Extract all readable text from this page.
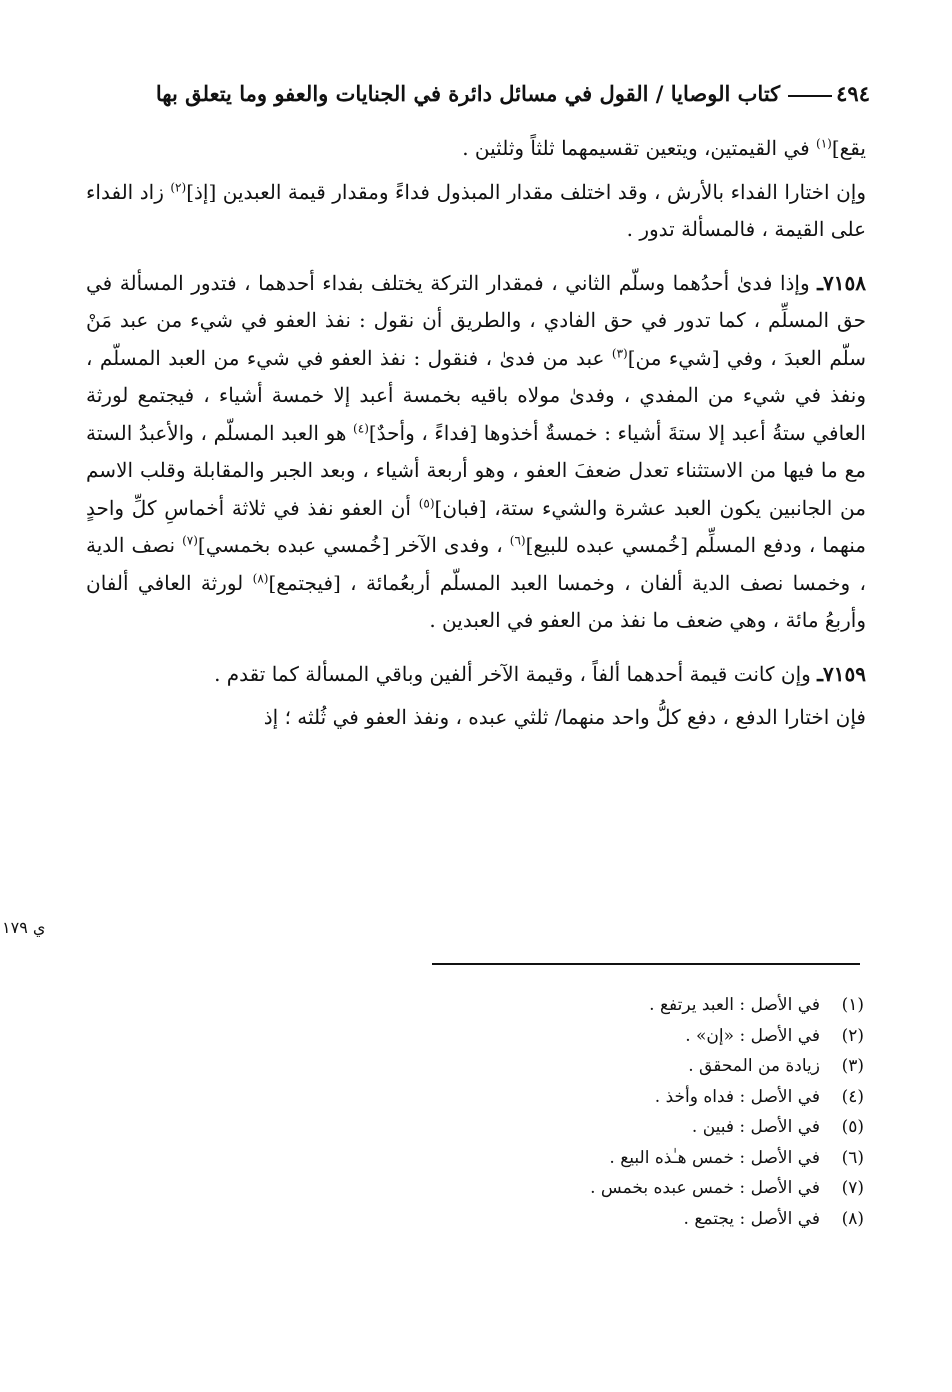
٤٩٤كتاب الوصايا / القول في مسائل دائرة في الجنايات والعفو وما يتعلق بها

يقع]$^{(١)}$ في القيمتين، ويتعين تقسيمهما ثلثاً وثلثين .

وإن اختارا الفداء بالأرش ، وقد اختلف مقدار المبذول فداءً ومقدار قيمة العبدين [إذ]$^{(٢)}$ زاد الفداء على القيمة ، فالمسألة تدور .

٧١٥٨ـ وإذا فدىٰ أحدُهما وسلّم الثاني ، فمقدار التركة يختلف بفداء أحدهما ، فتدور المسألة في حق المسلِّم ، كما تدور في حق الفادي ، والطريق أن نقول : نفذ العفو في شيء من عبد مَنْ سلّم العبدَ ، وفي [شيء من]$^{(٣)}$ عبد من فدىٰ ، فنقول : نفذ العفو في شيء من العبد المسلّم ، ونفذ في شيء من المفدي ، وفدىٰ مولاه باقيه بخمسة أعبد إلا خمسة أشياء ، فيجتمع لورثة العافي ستةُ أعبد إلا ستةَ أشياء : خمسةٌ أخذوها [فداءً ، وأحدٌ]$^{(٤)}$ هو العبد المسلّم ، والأعبدُ الستة مع ما فيها من الاستثناء تعدل ضعفَ العفو ، وهو أربعة أشياء ، وبعد الجبر والمقابلة وقلب الاسم من الجانبين يكون العبد عشرة والشيء ستة، [فبان]$^{(٥)}$ أن العفو نفذ في ثلاثة أخماسِ كلِّ واحدٍ منهما ، ودفع المسلِّم [خُمسي عبده للبيع]$^{(٦)}$ ، وفدى الآخر [خُمسي عبده بخمسي]$^{(٧)}$ نصف الدية ، وخمسا نصف الدية ألفان ، وخمسا العبد المسلّم أربعُمائة ، [فيجتمع]$^{(٨)}$ لورثة العافي ألفان وأربعُ مائة ، وهي ضعف ما نفذ من العفو في العبدين .

٧١٥٩ـ وإن كانت قيمة أحدهما ألفاً ، وقيمة الآخر ألفين وباقي المسألة كما تقدم .

فإن اختارا الدفع ، دفع كلُّ واحد منهما/ ثلثي عبده ، ونفذ العفو في ثُلثه ؛ إذ

ي ١٧٩
(١)في الأصل : العبد يرتفع .
(٢)في الأصل : «إن» .
(٣)زيادة من المحقق .
(٤)في الأصل : فداه وأخذ .
(٥)في الأصل : فبين .
(٦)في الأصل : خمس هـٰذه البيع .
(٧)في الأصل : خمس عبده بخمس .
(٨)في الأصل : يجتمع .
